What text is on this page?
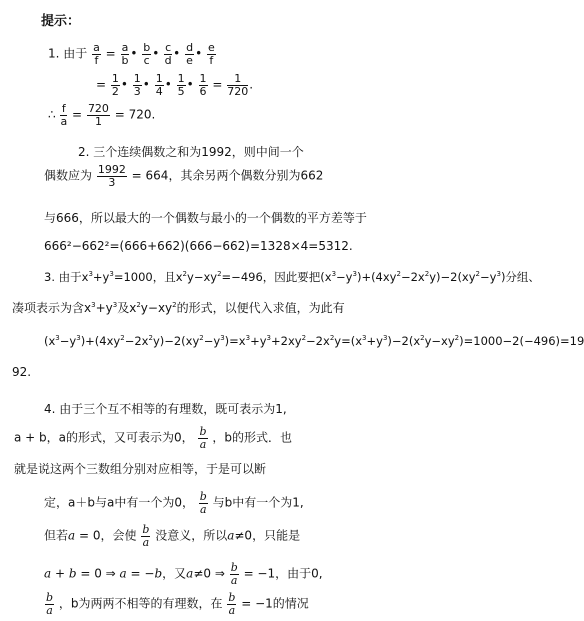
提示：
1. 由于 $\frac{a}{f} = \frac{a}{b}$ • $\frac{b}{c}$ • $\frac{c}{d}$ • $\frac{d}{e}$ • $\frac{e}{f}$
= $\frac{1}{2}$ • $\frac{1}{3}$ • $\frac{1}{4}$ • $\frac{1}{5}$ • $\frac{1}{6} = \frac{1}{720}$ .
∴ $\frac{f}{a} = \frac{720}{1} = 720$.
2. 三个连续偶数之和为1992，则中间一个
偶数应为 $\frac{1992}{3} = 664$，其余另两个偶数分别为662
与666，所以最大的一个偶数与最小的一个偶数的平方差等于
666²−662²=(666+662)(666−662)=1328×4=5312.
3. 由于$x^3+y^3=1000$，且$x^2y-xy^2=-496$，因此要把$(x^3-y^3)+(4xy^2-2x^2y)-2(xy^2-y^3)$分组、
凑项表示为含$x^3+y^3$及$x^2y-xy^2$的形式，以便代入求值，为此有
$(x^3-y^3)+(4xy^2-2x^2y)-2(xy^2-y^3)=x^3+y^3+2xy^2-2x^2y=(x^3+y^3)-2(x^2y-xy^2)=1000-2(-496)=19$
92.
4. 由于三个互不相等的有理数，既可表示为1,
a + b，a的形式，又可表示为0， $\frac{b}{a}$ ，b的形式．也
就是说这两个三数组分别对应相等，于是可以断
定，a＋b与a中有一个为0， $\frac{b}{a}$ 与b中有一个为1,
但若a = 0，会使 $\frac{b}{a}$ 没意义，所以a≠0，只能是
a + b = 0 ⇒ a = −b，又a≠0 ⇒ $\frac{b}{a} = -1$，由于0,
$\frac{b}{a}$ ，b为两两不相等的有理数，在 $\frac{b}{a} = -1$的情况
